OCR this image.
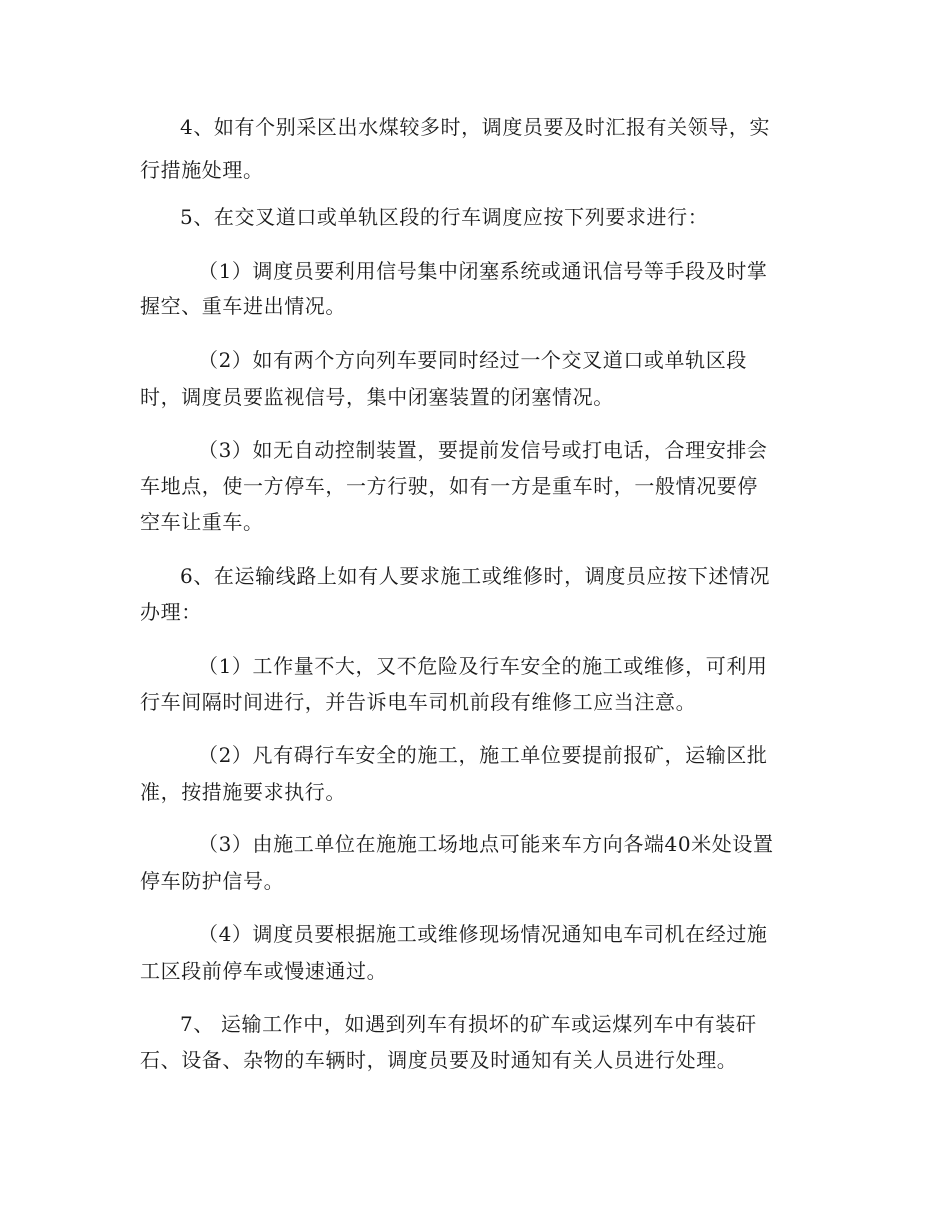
4、如有个别采区出水煤较多时，调度员要及时汇报有关领导，实
行措施处理。
5、在交叉道口或单轨区段的行车调度应按下列要求进行：
（1）调度员要利用信号集中闭塞系统或通讯信号等手段及时掌
握空、重车进出情况。
（2）如有两个方向列车要同时经过一个交叉道口或单轨区段
时，调度员要监视信号，集中闭塞装置的闭塞情况。
（3）如无自动控制装置，要提前发信号或打电话，合理安排会
车地点，使一方停车，一方行驶，如有一方是重车时，一般情况要停
空车让重车。
6、在运输线路上如有人要求施工或维修时，调度员应按下述情况
办理：
（1）工作量不大，又不危险及行车安全的施工或维修，可利用
行车间隔时间进行，并告诉电车司机前段有维修工应当注意。
（2）凡有碍行车安全的施工，施工单位要提前报矿，运输区批
准，按措施要求执行。
（3）由施工单位在施施工场地点可能来车方向各端40米处设置
停车防护信号。
（4）调度员要根据施工或维修现场情况通知电车司机在经过施
工区段前停车或慢速通过。
7、 运输工作中，如遇到列车有损坏的矿车或运煤列车中有装矸
石、设备、杂物的车辆时，调度员要及时通知有关人员进行处理。
